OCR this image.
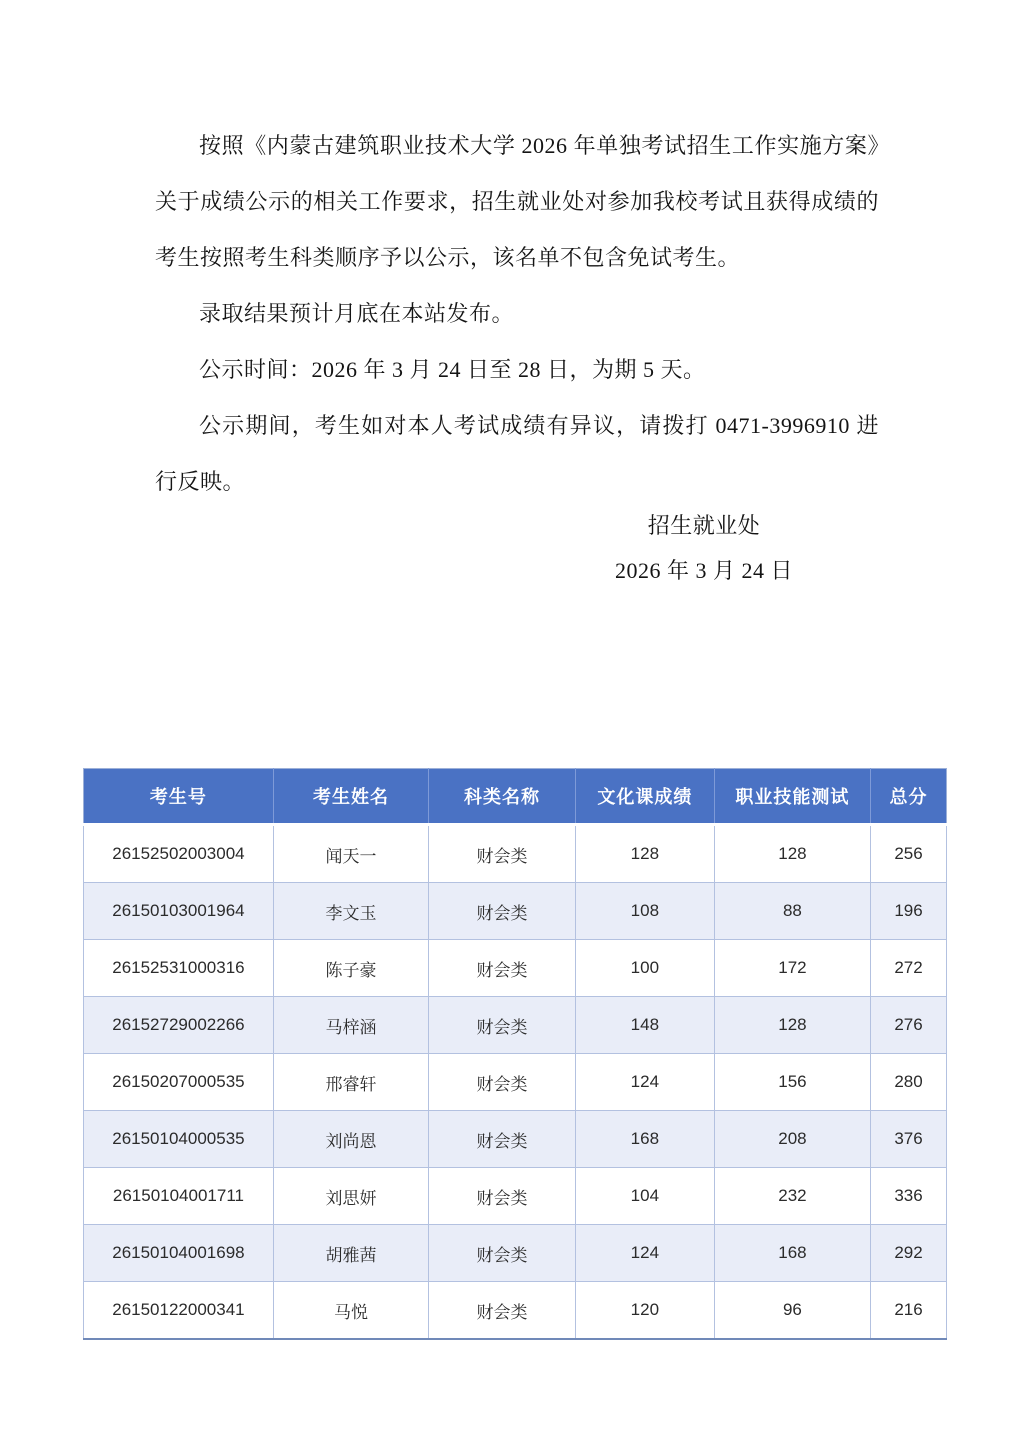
按照《内蒙古建筑职业技术大学 2026 年单独考试招生工作实施方案》关于成绩公示的相关工作要求，招生就业处对参加我校考试且获得成绩的考生按照考生科类顺序予以公示，该名单不包含免试考生。

录取结果预计月底在本站发布。

公示时间：2026 年 3 月 24 日至 28 日，为期 5 天。

公示期间，考生如对本人考试成绩有异议，请拨打 0471-3996910 进行反映。

招生就业处
2026 年 3 月 24 日
考生号	考生姓名	科类名称	文化课成绩	职业技能测试	总分
26152502003004	闻天一	财会类	128	128	256
26150103001964	李文玉	财会类	108	88	196
26152531000316	陈子豪	财会类	100	172	272
26152729002266	马梓涵	财会类	148	128	276
26150207000535	邢睿轩	财会类	124	156	280
26150104000535	刘尚恩	财会类	168	208	376
26150104001711	刘思妍	财会类	104	232	336
26150104001698	胡雅茜	财会类	124	168	292
26150122000341	马悦	财会类	120	96	216
